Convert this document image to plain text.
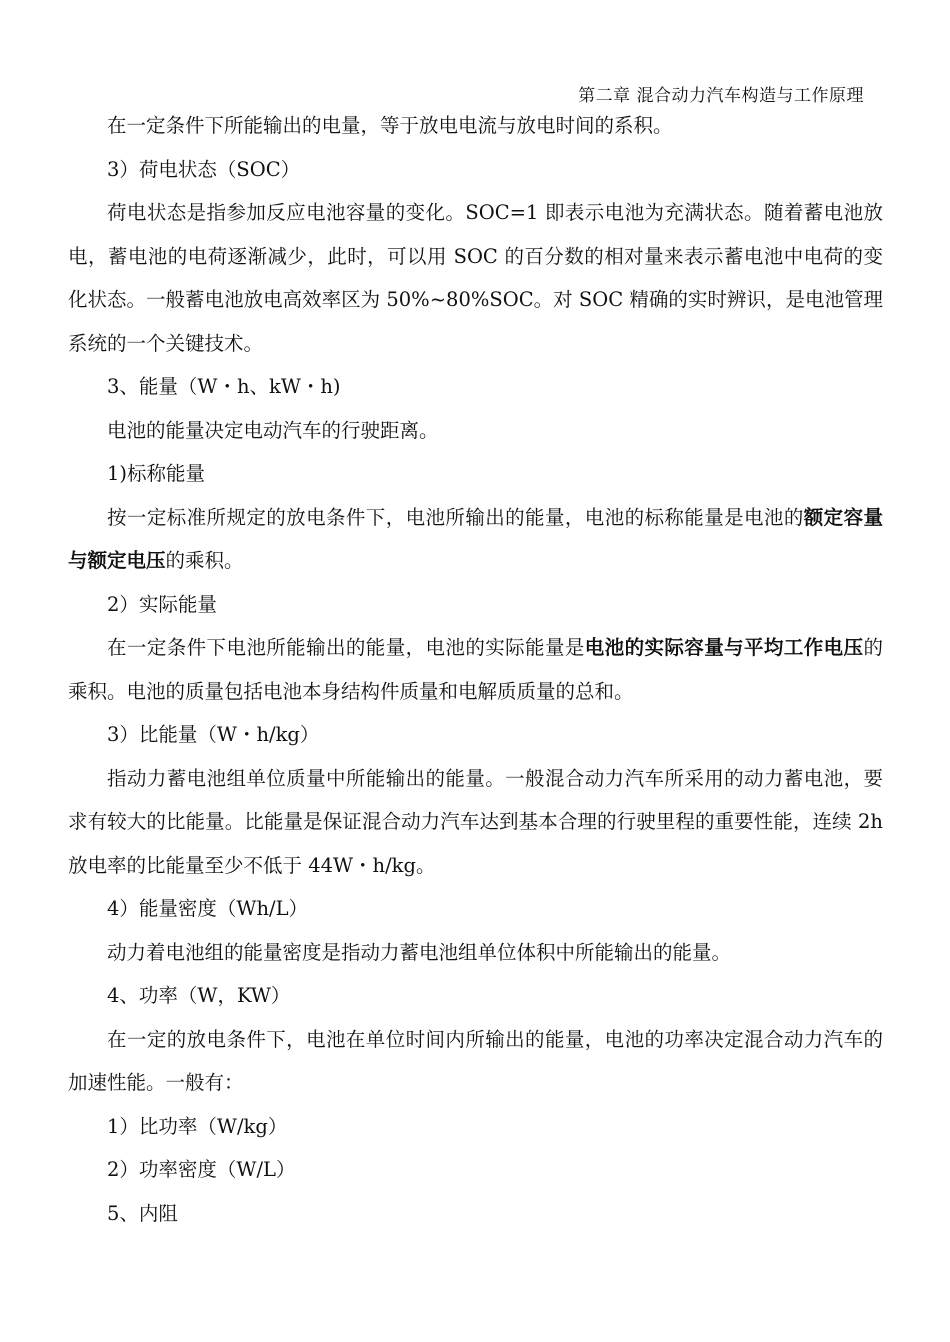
第二章 混合动力汽车构造与工作原理

在一定条件下所能输出的电量，等于放电电流与放电时间的系积。

3）荷电状态（SOC）

荷电状态是指参加反应电池容量的变化。SOC=1 即表示电池为充满状态。随着蓄电池放电，蓄电池的电荷逐渐减少，此时，可以用 SOC 的百分数的相对量来表示蓄电池中电荷的变化状态。一般蓄电池放电高效率区为 50%~80%SOC。对 SOC 精确的实时辨识，是电池管理系统的一个关键技术。

3、能量（W・h、kW・h)

电池的能量决定电动汽车的行驶距离。

1)标称能量

按一定标准所规定的放电条件下，电池所输出的能量，电池的标称能量是电池的额定容量与额定电压的乘积。

2）实际能量

在一定条件下电池所能输出的能量，电池的实际能量是电池的实际容量与平均工作电压的乘积。电池的质量包括电池本身结构件质量和电解质质量的总和。

3）比能量（W・h/kg）

指动力蓄电池组单位质量中所能输出的能量。一般混合动力汽车所采用的动力蓄电池，要求有较大的比能量。比能量是保证混合动力汽车达到基本合理的行驶里程的重要性能，连续 2h 放电率的比能量至少不低于 44W・h/kg。

4）能量密度（Wh/L）

动力着电池组的能量密度是指动力蓄电池组单位体积中所能输出的能量。

4、功率（W，KW）

在一定的放电条件下，电池在单位时间内所输出的能量，电池的功率决定混合动力汽车的加速性能。一般有：

1）比功率（W/kg）

2）功率密度（W/L）

5、内阻
